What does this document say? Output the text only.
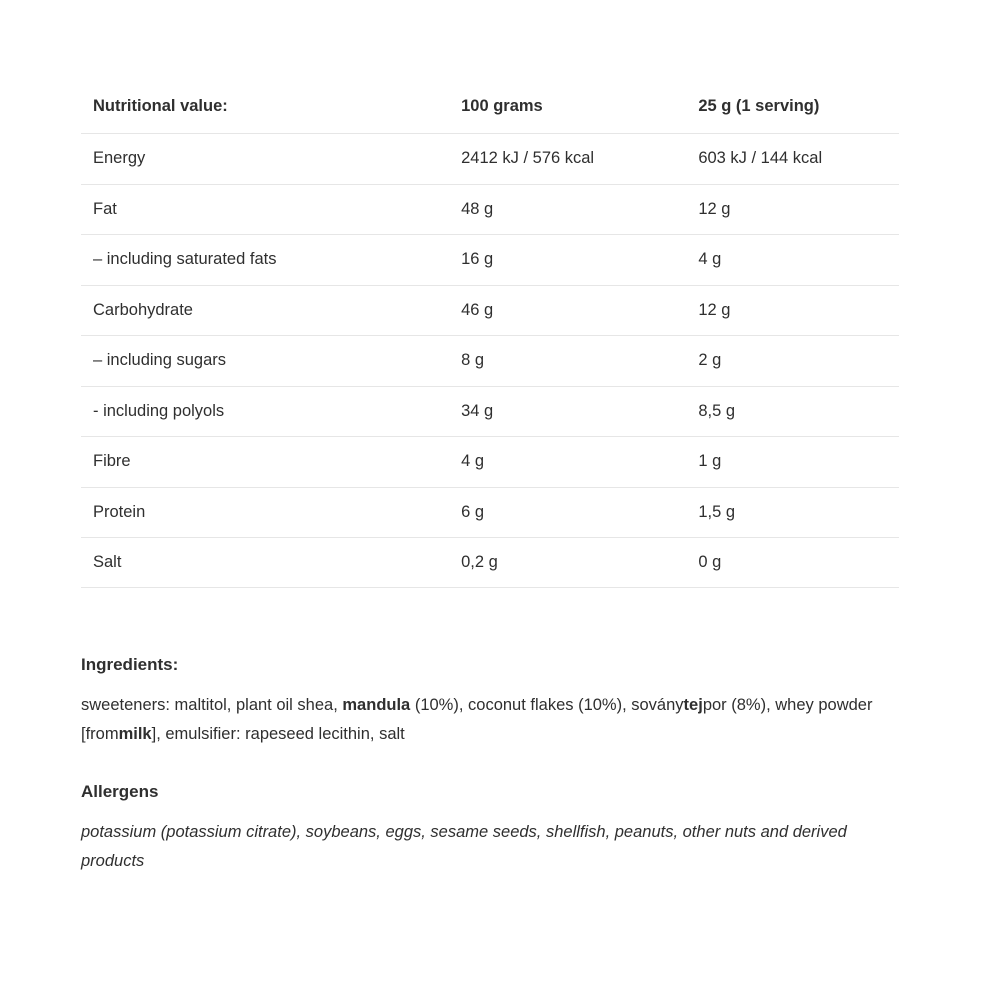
Nutritional value:	100 grams	25 g (1 serving)
Energy	2412 kJ / 576 kcal	603 kJ / 144 kcal
Fat	48 g	12 g
– including saturated fats	16 g	4 g
Carbohydrate	46 g	12 g
– including sugars	8 g	2 g
- including polyols	34 g	8,5 g
Fibre	4 g	1 g
Protein	6 g	1,5 g
Salt	0,2 g	0 g
Ingredients:

sweeteners: maltitol, plant oil shea, mandula (10%), coconut flakes (10%), soványtejpor (8%), whey powder [frommilk], emulsifier: rapeseed lecithin, salt

Allergens

potassium (potassium citrate), soybeans, eggs, sesame seeds, shellfish, peanuts, other nuts and derived products
